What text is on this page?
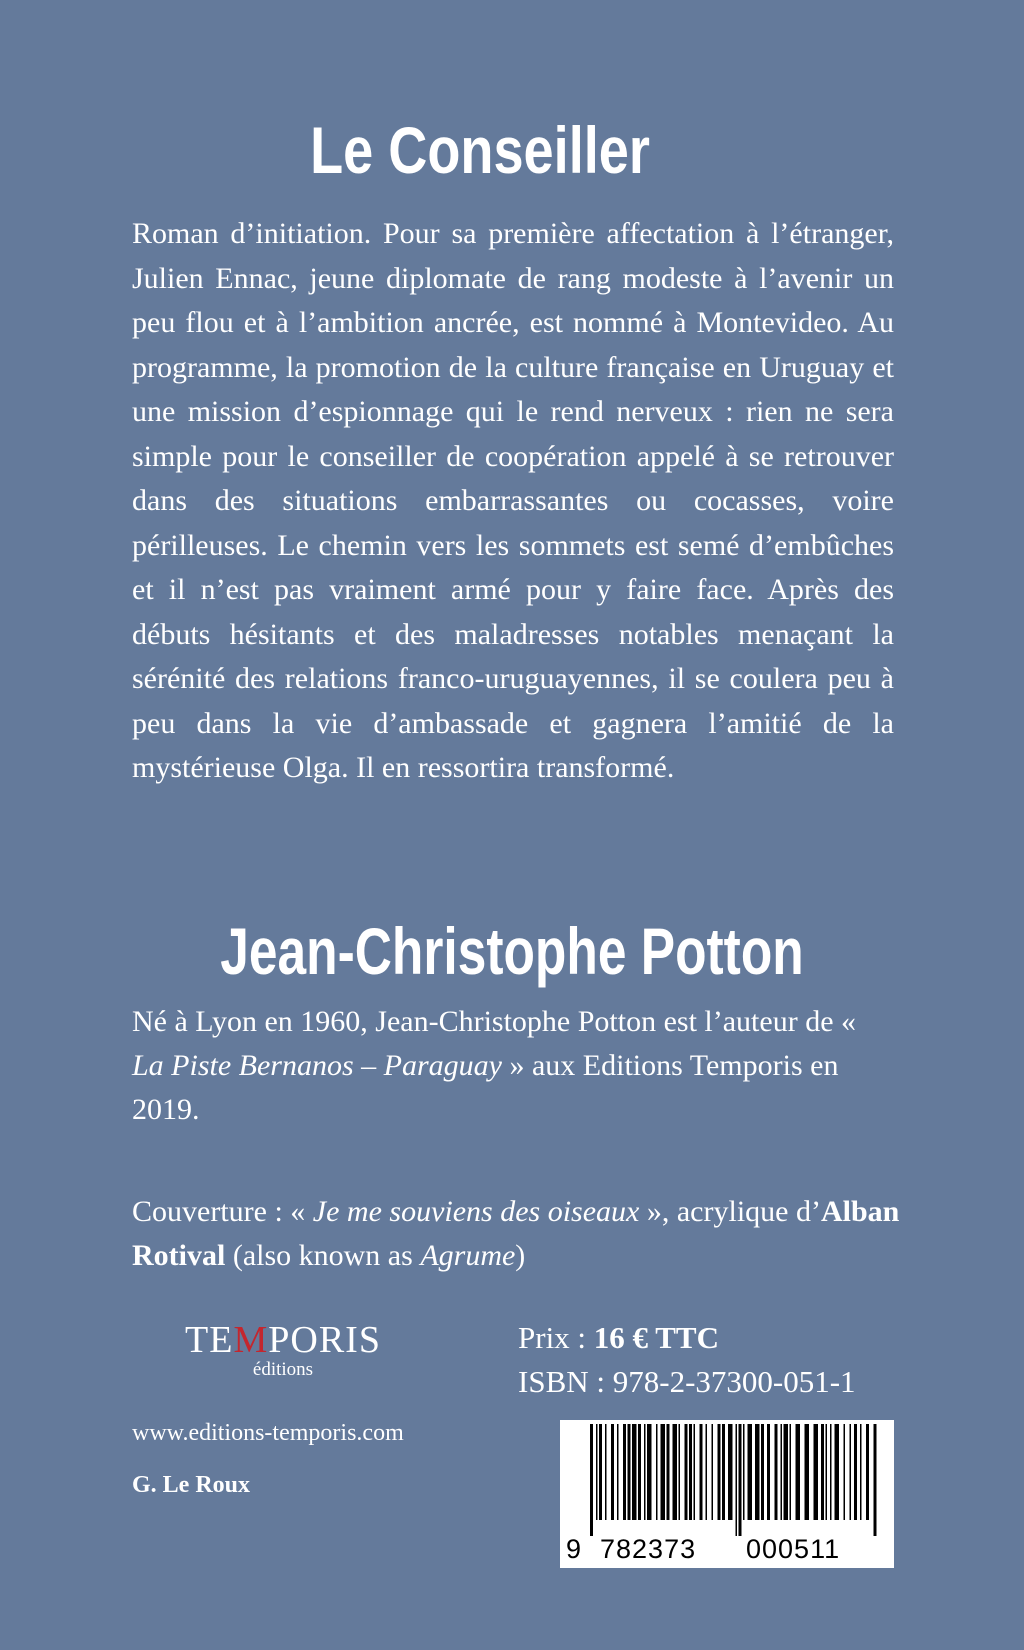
Le Conseiller

Roman d’initiation. Pour sa première affectation à l’étranger, Julien Ennac, jeune diplomate de rang modeste à l’avenir un peu flou et à l’ambition ancrée, est nommé à Montevideo. Au programme, la promotion de la culture française en Uruguay et une mission d’espionnage qui le rend nerveux : rien ne sera simple pour le conseiller de coopération appelé à se retrouver dans des situations embarrassantes ou cocasses, voire périlleuses. Le chemin vers les sommets est semé d’embûches et il n’est pas vraiment armé pour y faire face. Après des débuts hésitants et des maladresses notables menaçant la sérénité des relations franco-uruguayennes, il se coulera peu à peu dans la vie d’ambassade et gagnera l’amitié de la mystérieuse Olga. Il en ressortira transformé.

Jean-Christophe Potton

Né à Lyon en 1960, Jean-Christophe Potton est l’auteur de « La Piste Bernanos – Paraguay » aux Editions Temporis en 2019.

Couverture : « Je me souviens des oiseaux », acrylique d’Alban Rotival (also known as Agrume)

TEMPORIS
éditions
www.editions-temporis.com
G. Le Roux
Prix : 16 € TTC
ISBN : 978-2-37300-051-1
9 782373 000511
